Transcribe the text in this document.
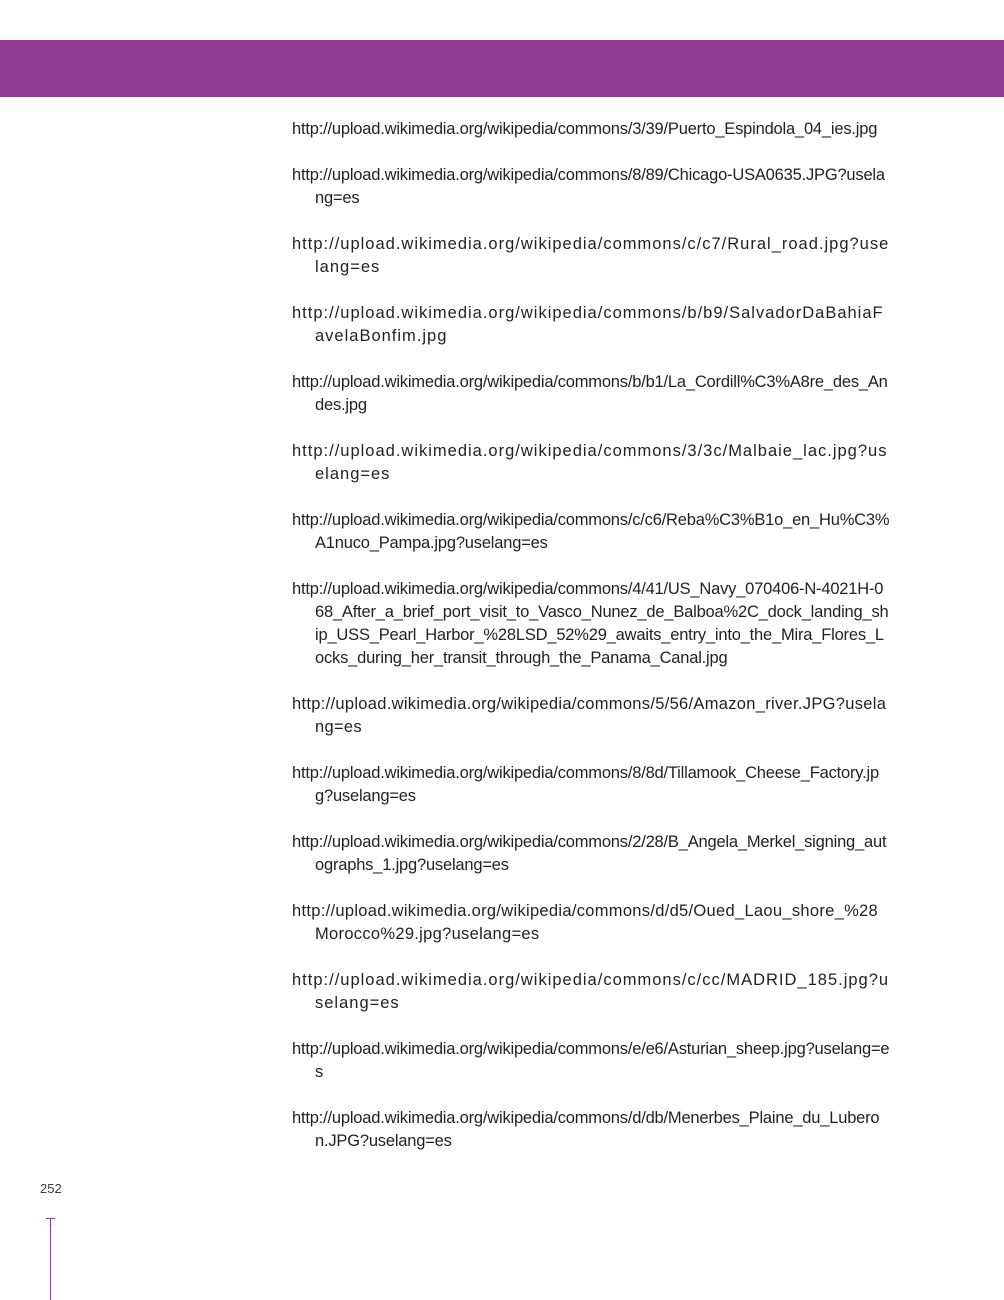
http://upload.wikimedia.org/wikipedia/commons/3/39/Puerto_Espindola_04_ies.jpg
http://upload.wikimedia.org/wikipedia/commons/8/89/Chicago-USA0635.JPG?uselang=es
http://upload.wikimedia.org/wikipedia/commons/c/c7/Rural_road.jpg?uselang=es
http://upload.wikimedia.org/wikipedia/commons/b/b9/SalvadorDaBahiaFavelaBonfim.jpg
http://upload.wikimedia.org/wikipedia/commons/b/b1/La_Cordill%C3%A8re_des_Andes.jpg
http://upload.wikimedia.org/wikipedia/commons/3/3c/Malbaie_lac.jpg?uselang=es
http://upload.wikimedia.org/wikipedia/commons/c/c6/Reba%C3%B1o_en_Hu%C3%A1nuco_Pampa.jpg?uselang=es
http://upload.wikimedia.org/wikipedia/commons/4/41/US_Navy_070406-N-4021H-068_After_a_brief_port_visit_to_Vasco_Nunez_de_Balboa%2C_dock_landing_ship_USS_Pearl_Harbor_%28LSD_52%29_awaits_entry_into_the_Mira_Flores_Locks_during_her_transit_through_the_Panama_Canal.jpg
http://upload.wikimedia.org/wikipedia/commons/5/56/Amazon_river.JPG?uselang=es
http://upload.wikimedia.org/wikipedia/commons/8/8d/Tillamook_Cheese_Factory.jpg?uselang=es
http://upload.wikimedia.org/wikipedia/commons/2/28/B_Angela_Merkel_signing_autographs_1.jpg?uselang=es
http://upload.wikimedia.org/wikipedia/commons/d/d5/Oued_Laou_shore_%28Morocco%29.jpg?uselang=es
http://upload.wikimedia.org/wikipedia/commons/c/cc/MADRID_185.jpg?uselang=es
http://upload.wikimedia.org/wikipedia/commons/e/e6/Asturian_sheep.jpg?uselang=es
http://upload.wikimedia.org/wikipedia/commons/d/db/Menerbes_Plaine_du_Luberon.JPG?uselang=es
252
